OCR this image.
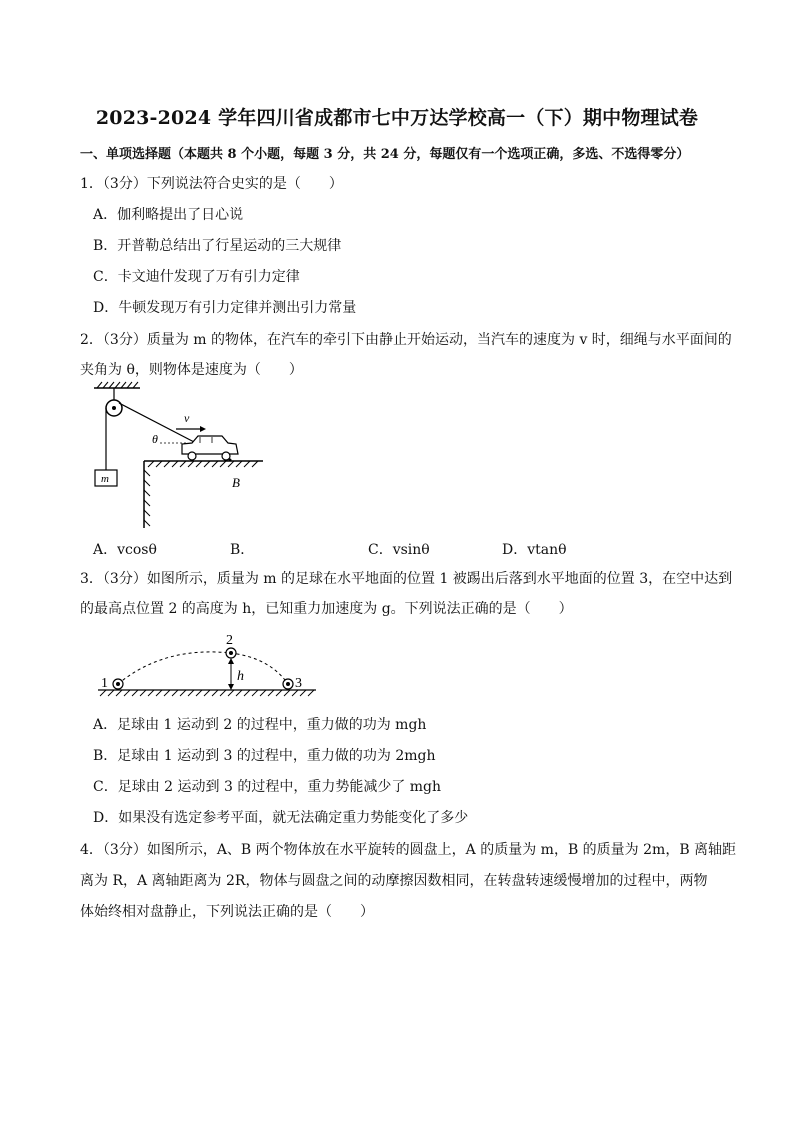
2023-2024 学年四川省成都市七中万达学校高一（下）期中物理试卷
一、单项选择题（本题共 8 个小题，每题 3 分，共 24 分，每题仅有一个选项正确，多选、不选得零分）
1．（3分）下列说法符合史实的是（　　）
A．伽利略提出了日心说
B．开普勒总结出了行星运动的三大规律
C．卡文迪什发现了万有引力定律
D．牛顿发现万有引力定律并测出引力常量
2．（3分）质量为 m 的物体，在汽车的牵引下由静止开始运动，当汽车的速度为 v 时，细绳与水平面间的
夹角为 θ，则物体是速度为（　　）
m
v
θ
B
A．vcosθ	B．	C．vsinθ	D．vtanθ
3．（3分）如图所示，质量为 m 的足球在水平地面的位置 1 被踢出后落到水平地面的位置 3，在空中达到
的最高点位置 2 的高度为 h，已知重力加速度为 g。下列说法正确的是（　　）
h
1
2
3
A．足球由 1 运动到 2 的过程中，重力做的功为 mgh
B．足球由 1 运动到 3 的过程中，重力做的功为 2mgh
C．足球由 2 运动到 3 的过程中，重力势能减少了 mgh
D．如果没有选定参考平面，就无法确定重力势能变化了多少
4．（3分）如图所示，A、B 两个物体放在水平旋转的圆盘上，A 的质量为 m，B 的质量为 2m，B 离轴距
离为 R，A 离轴距离为 2R，物体与圆盘之间的动摩擦因数相同，在转盘转速缓慢增加的过程中，两物
体始终相对盘静止，下列说法正确的是（　　）
